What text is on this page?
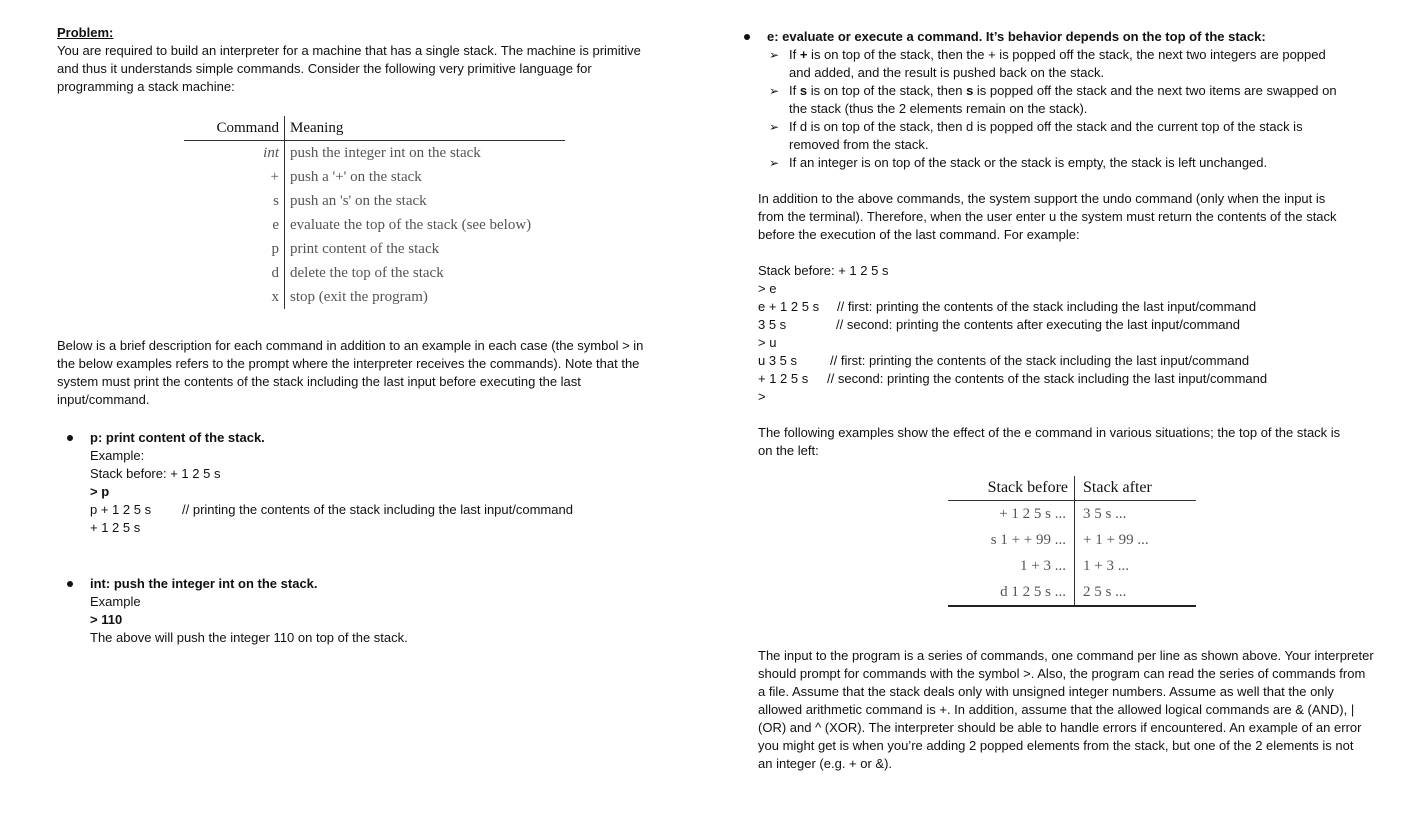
Problem:

You are required to build an interpreter for a machine that has a single stack. The machine is primitive

and thus it understands simple commands. Consider the following very primitive language for

programming a stack machine:

Command	Meaning
int	push the integer int on the stack
+	push a '+' on the stack
s	push an 's' on the stack
e	evaluate the top of the stack (see below)
p	print content of the stack
d	delete the top of the stack
x	stop (exit the program)

Below is a brief description for each command in addition to an example in each case (the symbol > in

the below examples refers to the prompt where the interpreter receives the commands). Note that the

system must print the contents of the stack including the last input before executing the last

input/command.

p: print content of the stack.
Example:
Stack before: + 1 2 5 s
> p
p + 1 2 5 s	// printing the contents of the stack including the last input/command
+ 1 2 5 s
int: push the integer int on the stack.
Example
> 110
The above will push the integer 110 on top of the stack.
e: evaluate or execute a command. It’s behavior depends on the top of the stack:
➢ If + is on top of the stack, then the + is popped off the stack, the next two integers are popped
and added, and the result is pushed back on the stack.
➢ If s is on top of the stack, then s is popped off the stack and the next two items are swapped on
the stack (thus the 2 elements remain on the stack).
➢ If d is on top of the stack, then d is popped off the stack and the current top of the stack is
removed from the stack.
➢ If an integer is on top of the stack or the stack is empty, the stack is left unchanged.

In addition to the above commands, the system support the undo command (only when the input is

from the terminal). Therefore, when the user enter u the system must return the contents of the stack

before the execution of the last command. For example:

Stack before: + 1 2 5 s
> e
e + 1 2 5 s	// first: printing the contents of the stack including the last input/command
3 5 s	// second: printing the contents after executing the last input/command
> u
u 3 5 s	// first: printing the contents of the stack including the last input/command
+ 1 2 5 s	// second: printing the contents of the stack including the last input/command
>

The following examples show the effect of the e command in various situations; the top of the stack is

on the left:

Stack before	Stack after
+ 1 2 5 s ...	3 5 s ...
s 1 + + 99 ...	+ 1 + 99 ...
1 + 3 ...	1 + 3 ...
d 1 2 5 s ...	2 5 s ...

The input to the program is a series of commands, one command per line as shown above. Your interpreter

should prompt for commands with the symbol >. Also, the program can read the series of commands from

a file. Assume that the stack deals only with unsigned integer numbers. Assume as well that the only

allowed arithmetic command is +. In addition, assume that the allowed logical commands are & (AND), |

(OR) and ^ (XOR). The interpreter should be able to handle errors if encountered. An example of an error

you might get is when you’re adding 2 popped elements from the stack, but one of the 2 elements is not

an integer (e.g. + or &).
